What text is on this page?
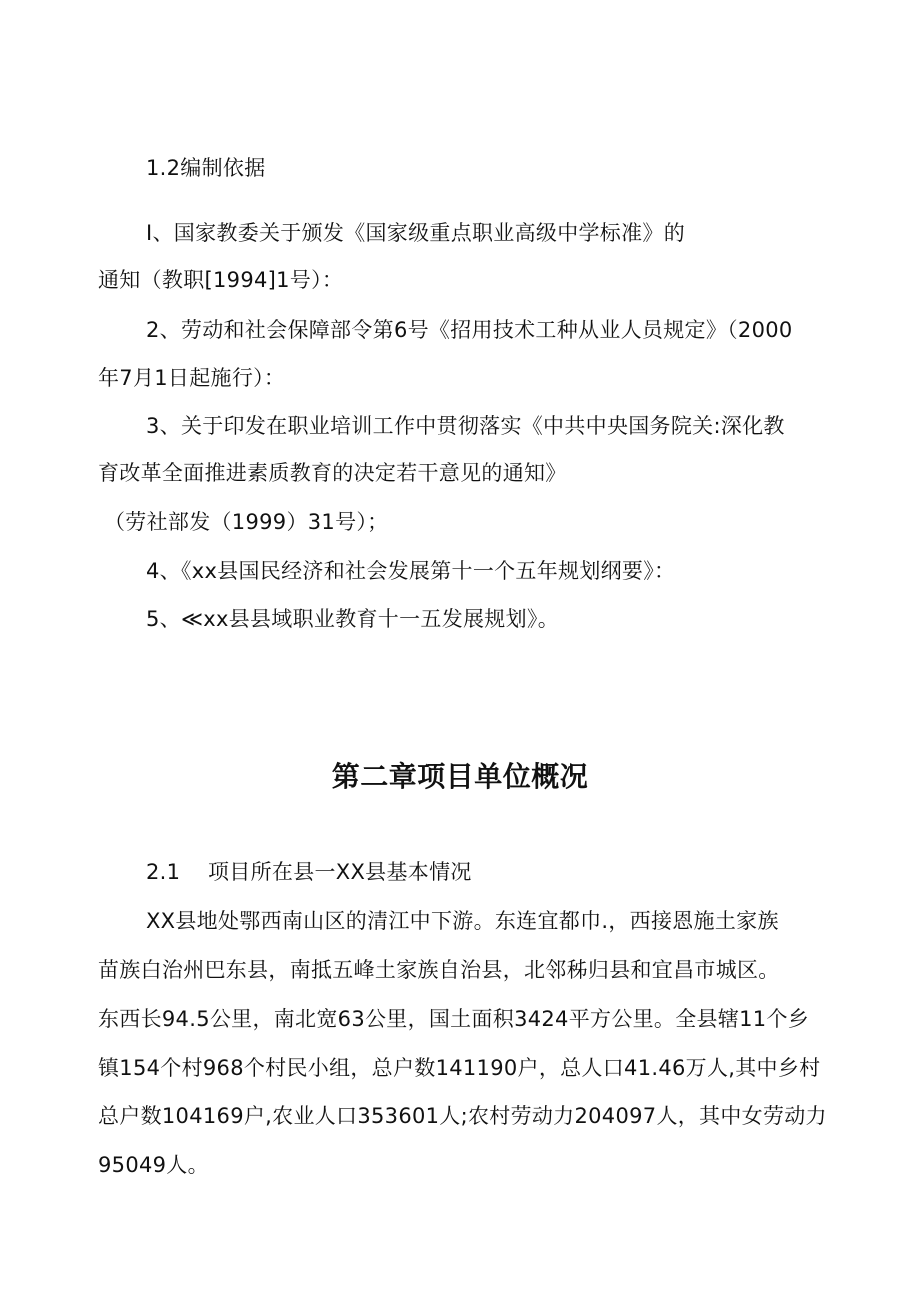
1.2编制依据
I、国家教委关于颁发《国家级重点职业高级中学标准》的
通知（教职[1994]1号）：
2、劳动和社会保障部令第6号《招用技术工种从业人员规定》（2000
年7月1日起施行）：
3、关于印发在职业培训工作中贯彻落实《中共中央国务院关:深化教
育改革全面推进素质教育的决定若干意见的通知》
（劳社部发（1999）31号）；
4、《xx县国民经济和社会发展第十一个五年规划纲要》：
5、≪xx县县域职业教育十一五发展规划》。
第二章项目单位概况
2.1 项目所在县一XX县基本情况
XX县地处鄂西南山区的清江中下游。东连宜都巾.，西接恩施土家族
苗族白治州巴东县，南抵五峰土家族自治县，北邻秭归县和宜昌市城区。
东西长94.5公里，南北宽63公里，国土面积3424平方公里。全县辖11个乡
镇154个村968个村民小组，总户数141190户，总人口41.46万人,其中乡村
总户数104169户,农业人口353601人;农村劳动力204097人，其中女劳动力
95049人。
